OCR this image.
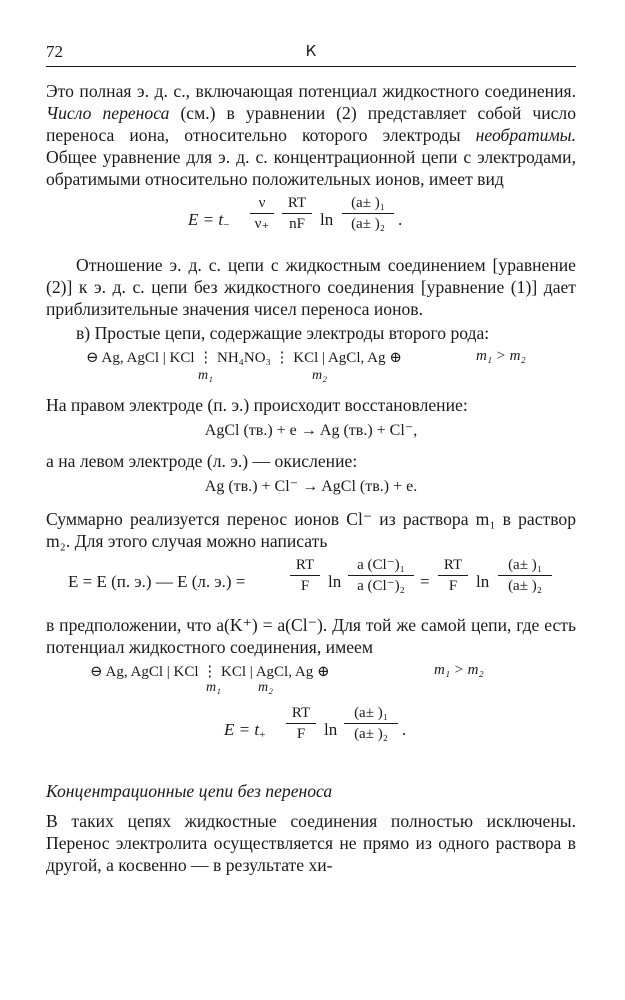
72	К

Это полная э. д. с., включающая потенциал жидкостного соединения. Число переноса (см.) в уравнении (2) представляет собой число переноса иона, относительно которого электроды необратимы. Общее уравнение для э. д. с. концентрационной цепи с электродами, обратимыми относительно положительных ионов, имеет вид

$E = t_-$
ν
ν₊
RT
nF ln
(a± )₁
(a± )₂ .

Отношение э. д. с. цепи с жидкостным соединением [уравнение (2)] к э. д. с. цепи без жидкостного соединения [уравнение (1)] дает приблизительные значения чисел переноса ионов.

в) Простые цепи, содержащие электроды второго рода:

⊖ Ag, AgCl | KCl ⋮ NH₄NO₃ ⋮ KCl | AgCl, Ag ⊕	m₁ > m₂
m₁	m₂

На правом электроде (п. э.) происходит восстановление:

AgCl (тв.) + e → Ag (тв.) + Cl⁻,

а на левом электроде (л. э.) — окисление:

Ag (тв.) + Cl⁻ → AgCl (тв.) + e.

Суммарно реализуется перенос ионов Cl⁻ из раствора m₁ в раствор m₂. Для этого случая можно написать

E = E (п. э.) — E (л. э.) =
RT
F	ln
a (Cl⁻)₁
a (Cl⁻)₂ =
RT
F	ln
(a± )₁
(a± )₂

в предположении, что a(K⁺) = a(Cl⁻). Для той же самой цепи, где есть потенциал жидкостного соединения, имеем

⊖ Ag, AgCl | KCl ⋮ KCl | AgCl, Ag ⊕	m₁ > m₂
m₁	m₂
$E = t_+$
RT
F	ln
(a± )₁
(a± )₂ .
Концентрационные цепи без переноса

В таких цепях жидкостные соединения полностью исключены. Перенос электролита осуществляется не прямо из одного раствора в другой, а косвенно — в результате хи-
